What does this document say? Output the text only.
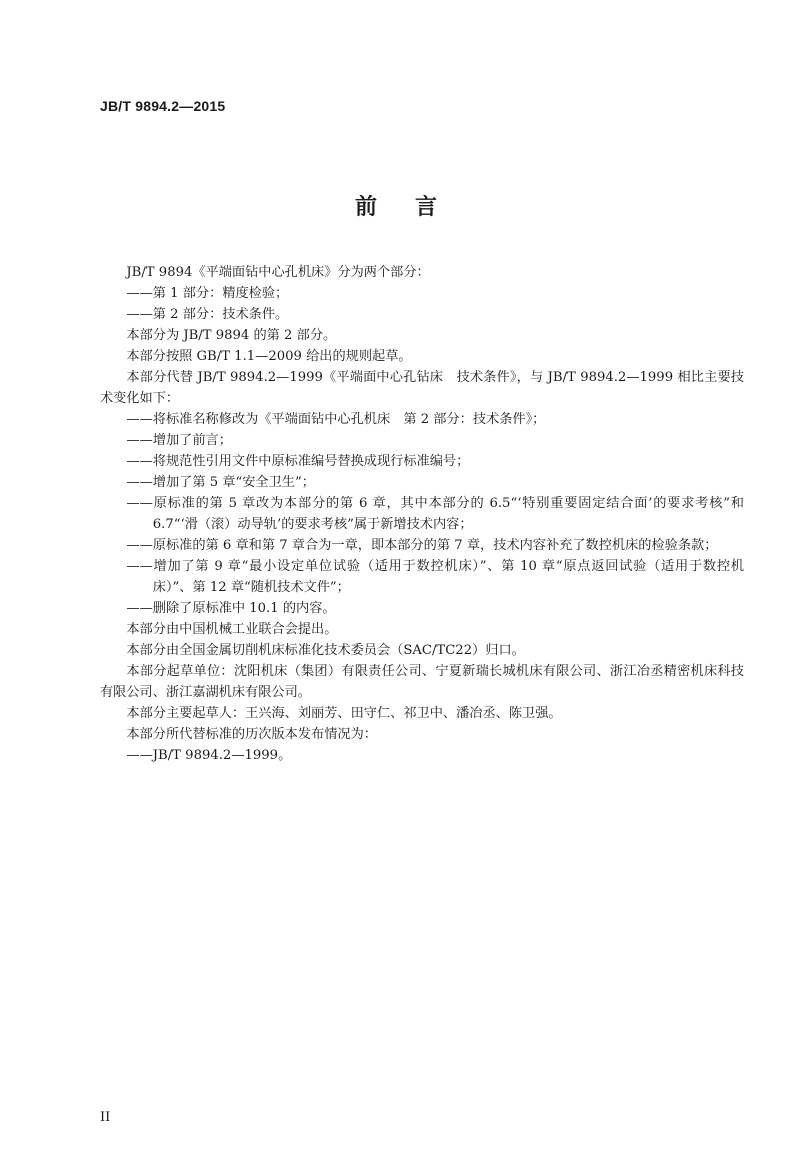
JB/T 9894.2—2015
前言

JB/T 9894《平端面钻中心孔机床》分为两个部分：

——第 1 部分：精度检验；

——第 2 部分：技术条件。

本部分为 JB/T 9894 的第 2 部分。

本部分按照 GB/T 1.1—2009 给出的规则起草。

本部分代替 JB/T 9894.2—1999《平端面中心孔钻床　技术条件》，与 JB/T 9894.2—1999 相比主要技术变化如下：

——将标准名称修改为《平端面钻中心孔机床　第 2 部分：技术条件》；

——增加了前言；

——将规范性引用文件中原标准编号替换成现行标准编号；

——增加了第 5 章“安全卫生”；

——原标准的第 5 章改为本部分的第 6 章，其中本部分的 6.5“‘特别重要固定结合面’的要求考核”和 6.7“‘滑（滚）动导轨’的要求考核”属于新增技术内容；

——原标准的第 6 章和第 7 章合为一章，即本部分的第 7 章，技术内容补充了数控机床的检验条款；

——增加了第 9 章“最小设定单位试验（适用于数控机床）”、第 10 章“原点返回试验（适用于数控机床）”、第 12 章“随机技术文件”；

——删除了原标准中 10.1 的内容。

本部分由中国机械工业联合会提出。

本部分由全国金属切削机床标准化技术委员会（SAC/TC22）归口。

本部分起草单位：沈阳机床（集团）有限责任公司、宁夏新瑞长城机床有限公司、浙江冶丞精密机床科技有限公司、浙江嘉湖机床有限公司。

本部分主要起草人：王兴海、刘丽芳、田守仁、祁卫中、潘冶丞、陈卫强。

本部分所代替标准的历次版本发布情况为：

——JB/T 9894.2—1999。

II
